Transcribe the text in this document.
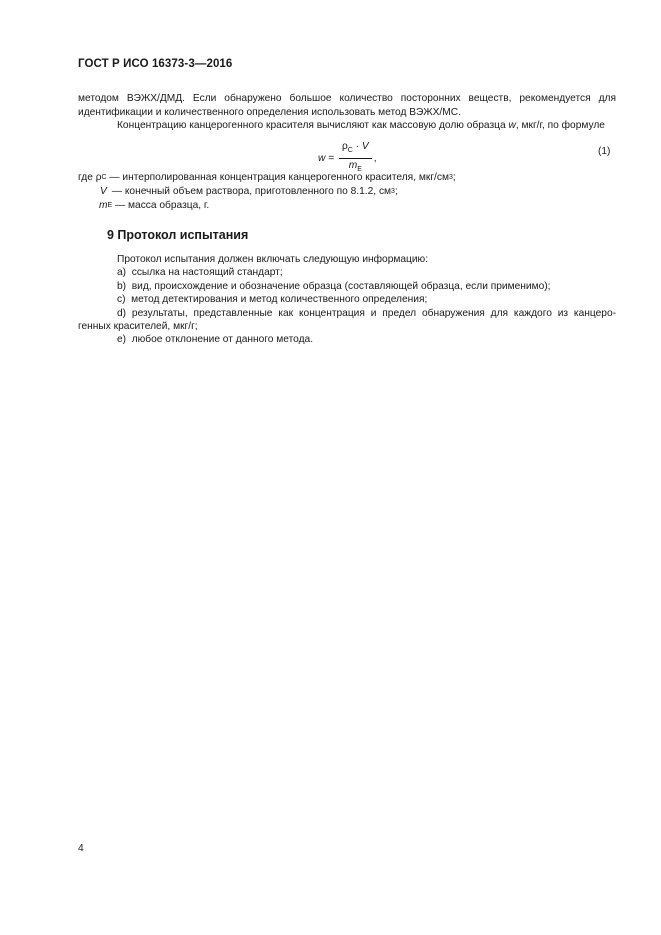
ГОСТ Р ИСО 16373-3—2016

методом ВЭЖХ/ДМД. Если обнаружено большое количество посторонних веществ, рекомендуется для

идентификации и количественного определения использовать метод ВЭЖХ/МС.

Концентрацию канцерогенного красителя вычисляют как массовую долю образца w, мкг/г, по формуле

$w = \frac{\rho_C \cdot V}{m_E}$ ,
(1)
где
ρ C — интерполированная концентрация канцерогенного красителя, мкг/см 3 ;
V — конечный объем раствора, приготовленного по 8.1.2, см 3 ;
m E — масса образца, г.
9 Протокол испытания

Протокол испытания должен включать следующую информацию:

a)  ссылка на настоящий стандарт;

b)  вид, происхождение и обозначение образца (составляющей образца, если применимо);

c)  метод детектирования и метод количественного определения;

d) результаты, представленные как концентрация и предел обнаружения для каждого из канцеро-

генных красителей, мкг/г;

e)  любое отклонение от данного метода.

4
